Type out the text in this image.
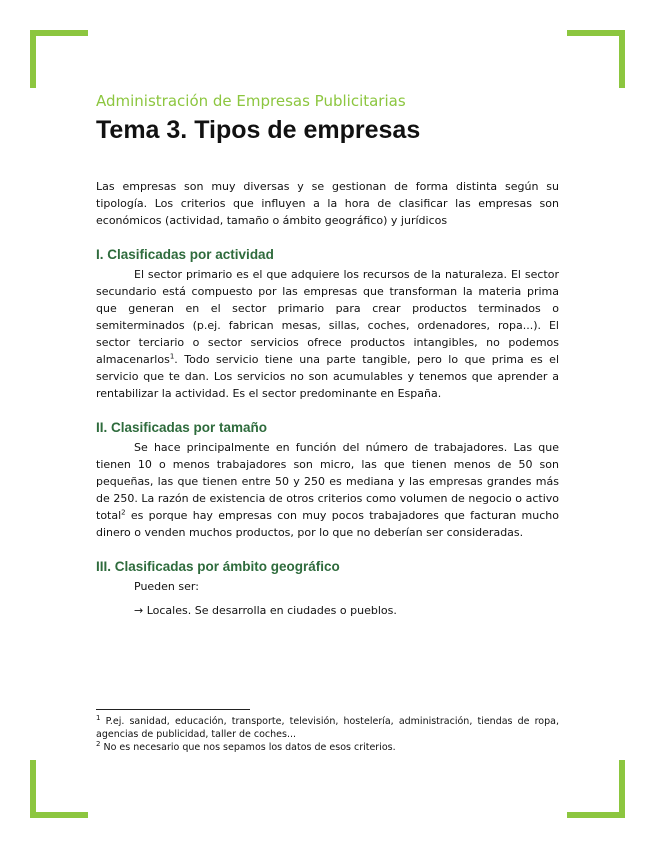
Administración de Empresas Publicitarias
Tema 3. Tipos de empresas

Las empresas son muy diversas y se gestionan de forma distinta según su tipología. Los criterios que influyen a la hora de clasificar las empresas son económicos (actividad, tamaño o ámbito geográfico) y jurídicos

I. Clasificadas por actividad

El sector primario es el que adquiere los recursos de la naturaleza. El sector secundario está compuesto por las empresas que transforman la materia prima que generan en el sector primario para crear productos terminados o semiterminados (p.ej. fabrican mesas, sillas, coches, ordenadores, ropa...). El sector terciario o sector servicios ofrece productos intangibles, no podemos almacenarlos$^1$. Todo servicio tiene una parte tangible, pero lo que prima es el servicio que te dan. Los servicios no son acumulables y tenemos que aprender a rentabilizar la actividad. Es el sector predominante en España.

II. Clasificadas por tamaño

Se hace principalmente en función del número de trabajadores. Las que tienen 10 o menos trabajadores son micro, las que tienen menos de 50 son pequeñas, las que tienen entre 50 y 250 es mediana y las empresas grandes más de 250. La razón de existencia de otros criterios como volumen de negocio o activo total$^2$ es porque hay empresas con muy pocos trabajadores que facturan mucho dinero o venden muchos productos, por lo que no deberían ser consideradas.

III. Clasificadas por ámbito geográfico

Pueden ser:

→ Locales. Se desarrolla en ciudades o pueblos.
$^1$ P.ej. sanidad, educación, transporte, televisión, hostelería, administración, tiendas de ropa, agencias de publicidad, taller de coches...
$^2$ No es necesario que nos sepamos los datos de esos criterios.
